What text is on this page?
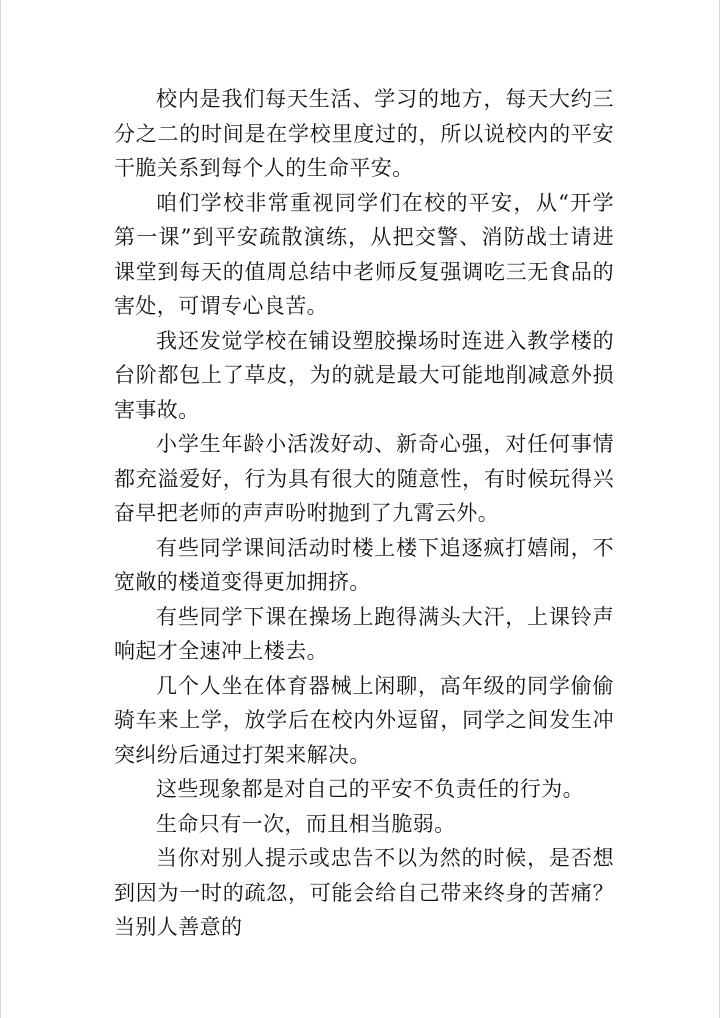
校内是我们每天生活、学习的地方，每天大约三分之二的时间是在学校里度过的，所以说校内的平安干脆关系到每个人的生命平安。

咱们学校非常重视同学们在校的平安，从“开学第一课”到平安疏散演练，从把交警、消防战士请进课堂到每天的值周总结中老师反复强调吃三无食品的害处，可谓专心良苦。

我还发觉学校在铺设塑胶操场时连进入教学楼的台阶都包上了草皮，为的就是最大可能地削减意外损害事故。

小学生年龄小活泼好动、新奇心强，对任何事情都充溢爱好，行为具有很大的随意性，有时候玩得兴奋早把老师的声声吩咐抛到了九霄云外。

有些同学课间活动时楼上楼下追逐疯打嬉闹，不宽敞的楼道变得更加拥挤。

有些同学下课在操场上跑得满头大汗，上课铃声响起才全速冲上楼去。

几个人坐在体育器械上闲聊，高年级的同学偷偷骑车来上学，放学后在校内外逗留，同学之间发生冲突纠纷后通过打架来解决。

这些现象都是对自己的平安不负责任的行为。

生命只有一次，而且相当脆弱。

当你对别人提示或忠告不以为然的时候，是否想到因为一时的疏忽，可能会给自己带来终身的苦痛？当别人善意的
